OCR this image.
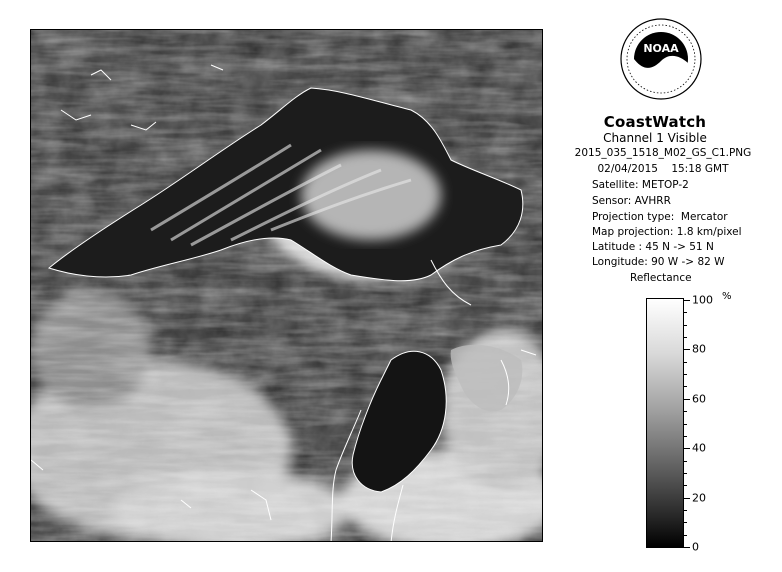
NOAA
CoastWatch
Channel 1 Visible
2015_035_1518_M02_GS_C1.PNG
02/04/2015    15:18 GMT
Satellite: METOP-2
Sensor: AVHRR
Projection type:  Mercator
Map projection: 1.8 km/pixel
Latitude : 45 N -> 51 N
Longitude: 90 W -> 82 W
Reflectance
%
100
80
60
40
20
0
